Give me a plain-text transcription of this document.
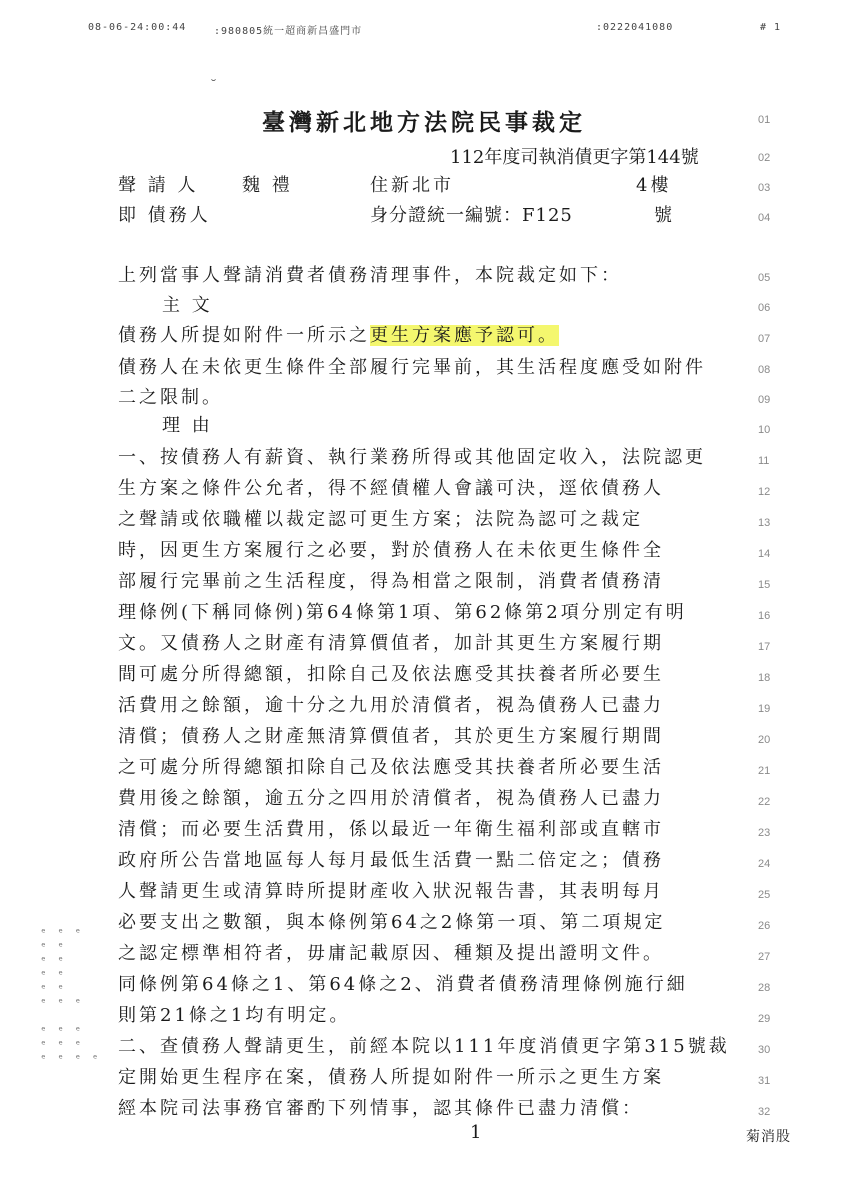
08-06-24:00:44	:980805統一超商新昌盛門市	:0222041080	# 1
˘
臺灣新北地方法院民事裁定
112年度司執消債更字第144號
聲 請 人 魏 禮	住新北市	4樓
即 債務人	身分證統一編號：F125	號
上列當事人聲請消費者債務清理事件，本院裁定如下：
主 文
債務人所提如附件一所示之更生方案應予認可。
債務人在未依更生條件全部履行完畢前，其生活程度應受如附件
二之限制。
理 由
一、按債務人有薪資、執行業務所得或其他固定收入，法院認更
生方案之條件公允者，得不經債權人會議可決，逕依債務人
之聲請或依職權以裁定認可更生方案；法院為認可之裁定
時，因更生方案履行之必要，對於債務人在未依更生條件全
部履行完畢前之生活程度，得為相當之限制，消費者債務清
理條例(下稱同條例)第64條第1項、第62條第2項分別定有明
文。又債務人之財產有清算價值者，加計其更生方案履行期
間可處分所得總額，扣除自己及依法應受其扶養者所必要生
活費用之餘額，逾十分之九用於清償者，視為債務人已盡力
清償；債務人之財產無清算價值者，其於更生方案履行期間
之可處分所得總額扣除自己及依法應受其扶養者所必要生活
費用後之餘額，逾五分之四用於清償者，視為債務人已盡力
清償；而必要生活費用，係以最近一年衛生福利部或直轄市
政府所公告當地區每人每月最低生活費一點二倍定之；債務
人聲請更生或清算時所提財產收入狀況報告書，其表明每月
必要支出之數額，與本條例第64之2條第一項、第二項規定
之認定標準相符者，毋庸記載原因、種類及提出證明文件。
同條例第64條之1、第64條之2、消費者債務清理條例施行細
則第21條之1均有明定。
二、查債務人聲請更生，前經本院以111年度消債更字第315號裁
定開始更生程序在案，債務人所提如附件一所示之更生方案
經本院司法事務官審酌下列情事，認其條件已盡力清償：
01
02
03
04
05
06
07
08
09
10
11
12
13
14
15
16
17
18
19
20
21
22
23
24
25
26
27
28
29
30
31
32
ᵉ ᵉ ᵉ
ᵉ ᵉ
ᵉ ᵉ
ᵉ ᵉ
ᵉ ᵉ
ᵉ ᵉ ᵉ
ᵉ ᵉ ᵉ
ᵉ ᵉ ᵉ
ᵉ ᵉ ᵉ ᵉ
1	菊消股
